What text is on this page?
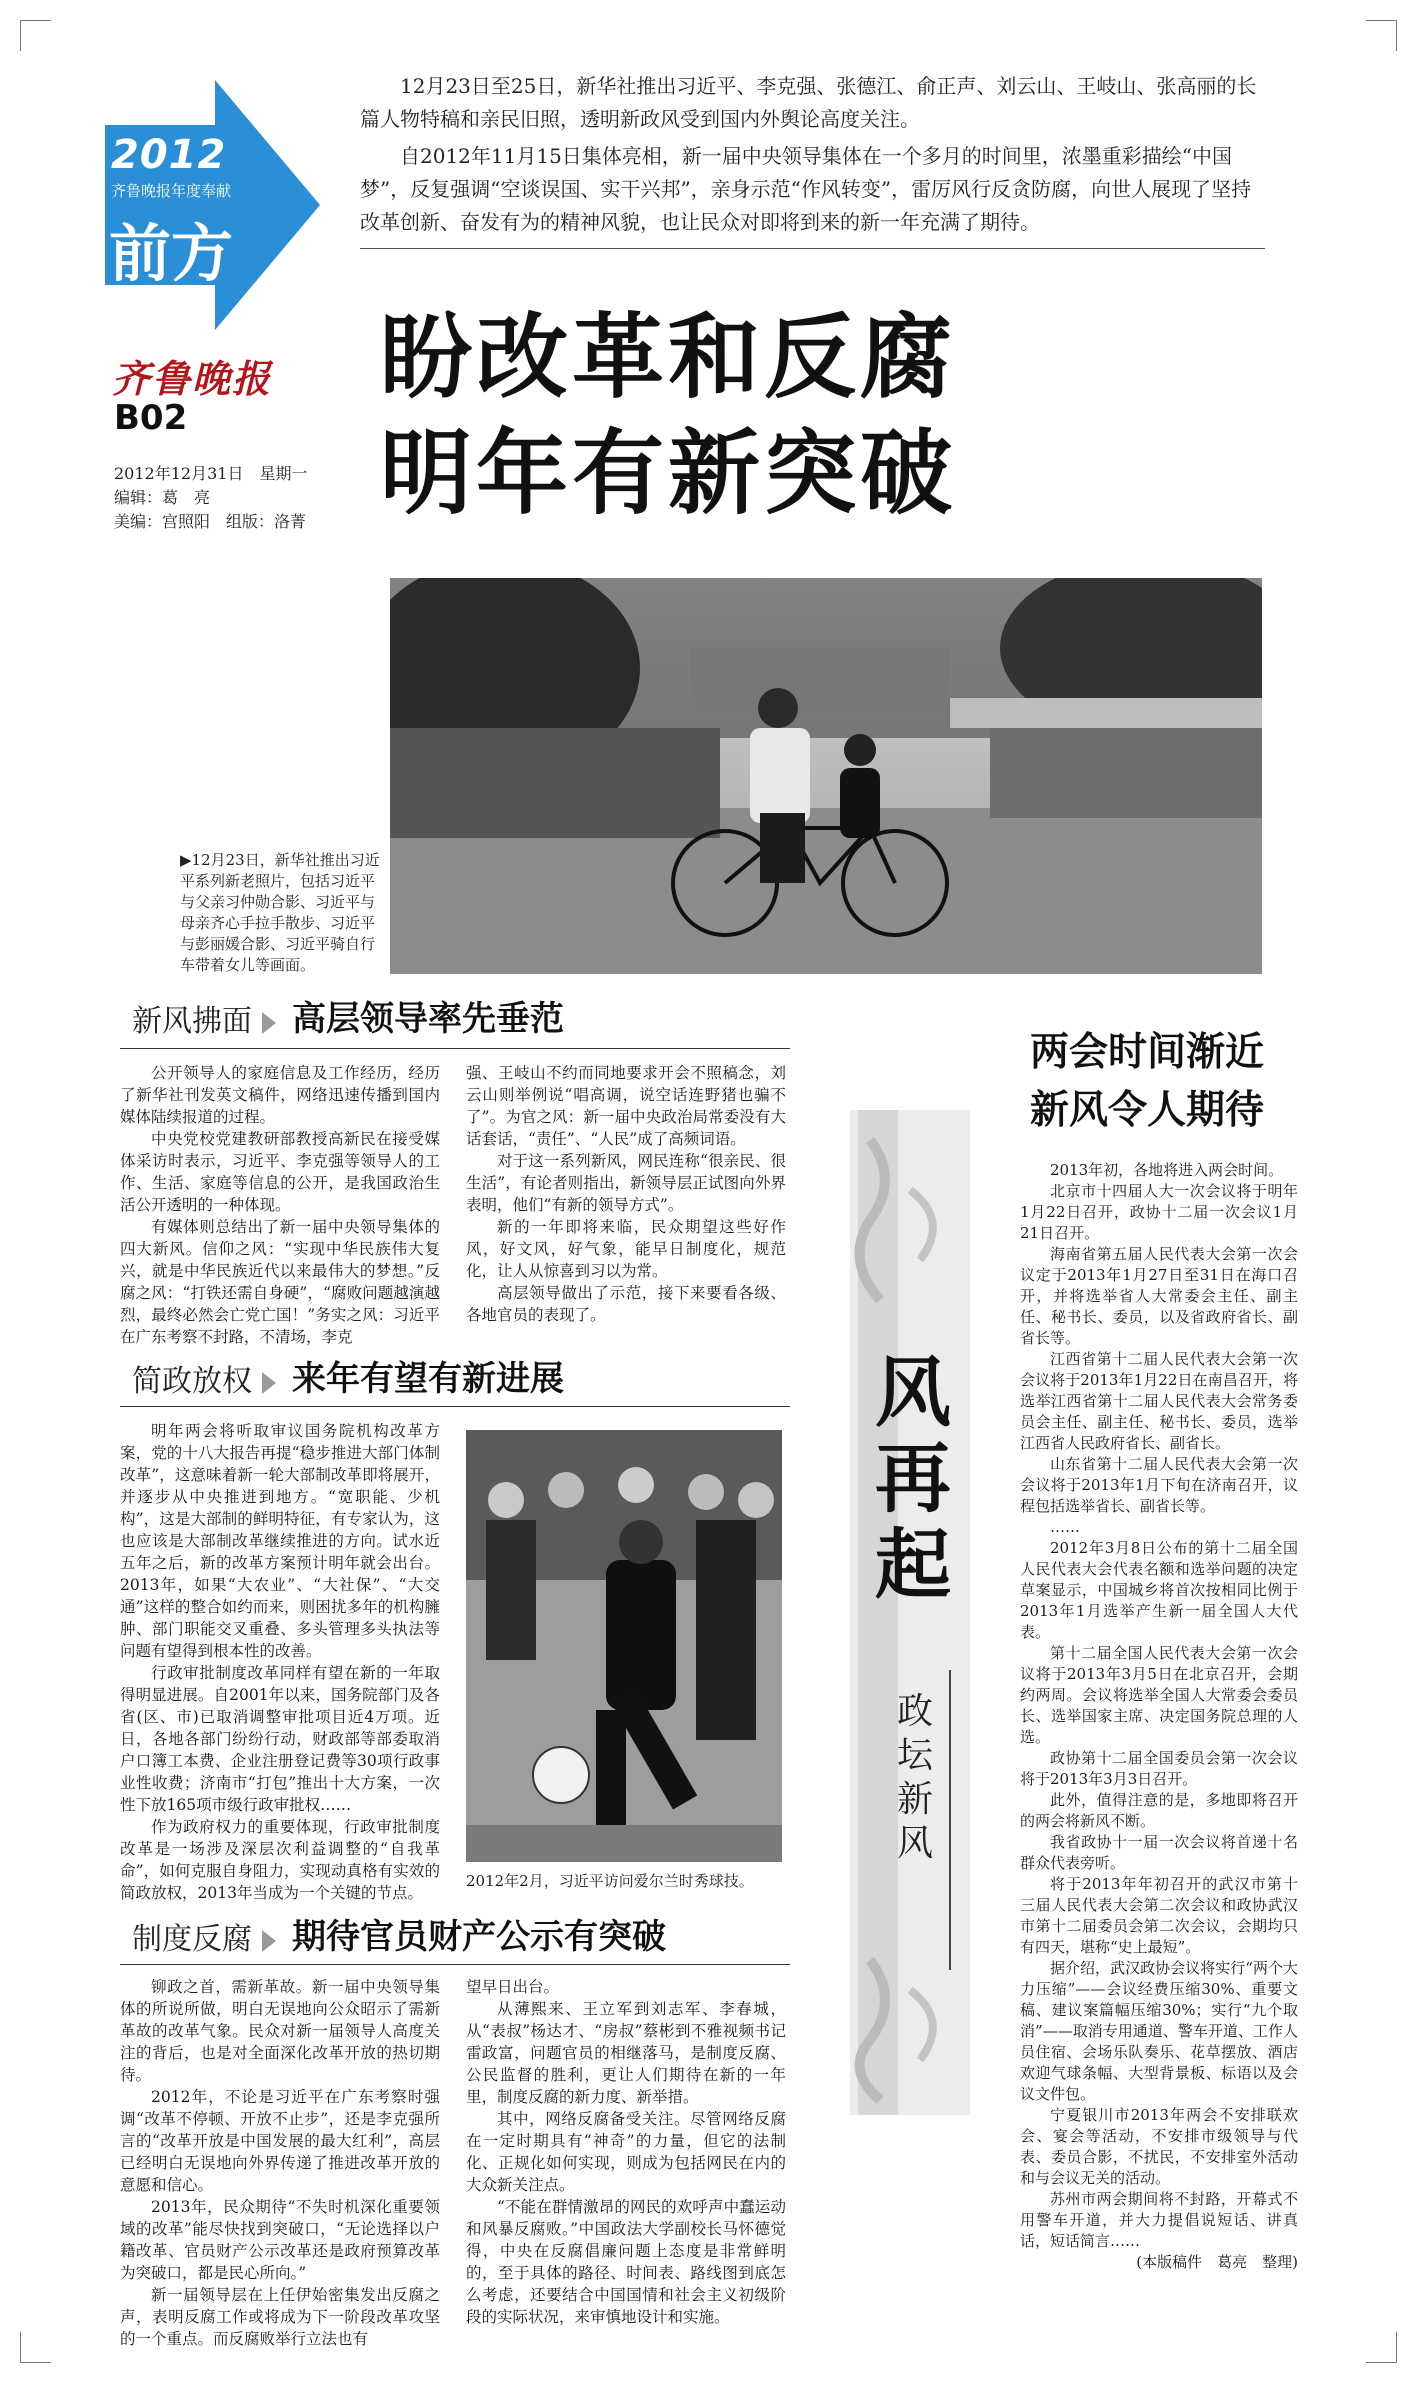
2012
齐鲁晚报年度奉献
前方

12月23日至25日，新华社推出习近平、李克强、张德江、俞正声、刘云山、王岐山、张高丽的长篇人物特稿和亲民旧照，透明新政风受到国内外舆论高度关注。

自2012年11月15日集体亮相，新一届中央领导集体在一个多月的时间里，浓墨重彩描绘“中国梦”，反复强调“空谈误国、实干兴邦”，亲身示范“作风转变”，雷厉风行反贪防腐，向世人展现了坚持改革创新、奋发有为的精神风貌，也让民众对即将到来的新一年充满了期待。

齐鲁晚报
B02
2012年12月31日　星期一
编辑：葛　亮
美编：宫照阳　组版：洛菁
盼改革和反腐
明年有新突破
▶12月23日，新华社推出习近平系列新老照片，包括习近平与父亲习仲勋合影、习近平与母亲齐心手拉手散步、习近平与彭丽媛合影、习近平骑自行车带着女儿等画面。
新风拂面 高层领导率先垂范

公开领导人的家庭信息及工作经历，经历了新华社刊发英文稿件，网络迅速传播到国内媒体陆续报道的过程。

中央党校党建教研部教授高新民在接受媒体采访时表示，习近平、李克强等领导人的工作、生活、家庭等信息的公开，是我国政治生活公开透明的一种体现。

有媒体则总结出了新一届中央领导集体的四大新风。信仰之风：“实现中华民族伟大复兴，就是中华民族近代以来最伟大的梦想。”反腐之风：“打铁还需自身硬”，“腐败问题越演越烈，最终必然会亡党亡国！”务实之风：习近平在广东考察不封路，不清场，李克

强、王岐山不约而同地要求开会不照稿念，刘云山则举例说“唱高调，说空话连野猪也骗不了”。为官之风：新一届中央政治局常委没有大话套话，“责任”、“人民”成了高频词语。

对于这一系列新风，网民连称“很亲民、很生活”，有论者则指出，新领导层正试图向外界表明，他们“有新的领导方式”。

新的一年即将来临，民众期望这些好作风，好文风，好气象，能早日制度化，规范化，让人从惊喜到习以为常。

高层领导做出了示范，接下来要看各级、各地官员的表现了。

简政放权 来年有望有新进展

明年两会将听取审议国务院机构改革方案，党的十八大报告再提“稳步推进大部门体制改革”，这意味着新一轮大部制改革即将展开，并逐步从中央推进到地方。“宽职能、少机构”，这是大部制的鲜明特征，有专家认为，这也应该是大部制改革继续推进的方向。试水近五年之后，新的改革方案预计明年就会出台。2013年，如果“大农业”、“大社保”、“大交通”这样的整合如约而来，则困扰多年的机构臃肿、部门职能交叉重叠、多头管理多头执法等问题有望得到根本性的改善。

行政审批制度改革同样有望在新的一年取得明显进展。自2001年以来，国务院部门及各省(区、市)已取消调整审批项目近4万项。近日，各地各部门纷纷行动，财政部等部委取消户口簿工本费、企业注册登记费等30项行政事业性收费；济南市“打包”推出十大方案，一次性下放165项市级行政审批权……

作为政府权力的重要体现，行政审批制度改革是一场涉及深层次利益调整的“自我革命”，如何克服自身阻力，实现动真格有实效的简政放权，2013年当成为一个关键的节点。

2012年2月，习近平访问爱尔兰时秀球技。
制度反腐 期待官员财产公示有突破

铆政之首，需新革故。新一届中央领导集体的所说所做，明白无误地向公众昭示了需新革故的改革气象。民众对新一届领导人高度关注的背后，也是对全面深化改革开放的热切期待。

2012年，不论是习近平在广东考察时强调“改革不停顿、开放不止步”，还是李克强所言的“改革开放是中国发展的最大红利”，高层已经明白无误地向外界传递了推进改革开放的意愿和信心。

2013年，民众期待“不失时机深化重要领域的改革”能尽快找到突破口，“无论选择以户籍改革、官员财产公示改革还是政府预算改革为突破口，都是民心所向。”

新一届领导层在上任伊始密集发出反腐之声，表明反腐工作或将成为下一阶段改革攻坚的一个重点。而反腐败举行立法也有

望早日出台。

从薄熙来、王立军到刘志军、李春城，从“表叔”杨达才、“房叔”蔡彬到不雅视频书记雷政富，问题官员的相继落马，是制度反腐、公民监督的胜利，更让人们期待在新的一年里，制度反腐的新力度、新举措。

其中，网络反腐备受关注。尽管网络反腐在一定时期具有“神奇”的力量，但它的法制化、正规化如何实现，则成为包括网民在内的大众新关注点。

“不能在群情激昂的网民的欢呼声中蠢运动和风暴反腐败。”中国政法大学副校长马怀德觉得，中央在反腐倡廉问题上态度是非常鲜明的，至于具体的路径、时间表、路线图到底怎么考虑，还要结合中国国情和社会主义初级阶段的实际状况，来审慎地设计和实施。

风再起
政坛新风
两会时间渐近
新风令人期待

2013年初，各地将进入两会时间。

北京市十四届人大一次会议将于明年1月22日召开，政协十二届一次会议1月21日召开。

海南省第五届人民代表大会第一次会议定于2013年1月27日至31日在海口召开，并将选举省人大常委会主任、副主任、秘书长、委员，以及省政府省长、副省长等。

江西省第十二届人民代表大会第一次会议将于2013年1月22日在南昌召开，将选举江西省第十二届人民代表大会常务委员会主任、副主任、秘书长、委员，选举江西省人民政府省长、副省长。

山东省第十二届人民代表大会第一次会议将于2013年1月下旬在济南召开，议程包括选举省长、副省长等。

……

2012年3月8日公布的第十二届全国人民代表大会代表名额和选举问题的决定草案显示，中国城乡将首次按相同比例于2013年1月选举产生新一届全国人大代表。

第十二届全国人民代表大会第一次会议将于2013年3月5日在北京召开，会期约两周。会议将选举全国人大常委会委员长、选举国家主席、决定国务院总理的人选。

政协第十二届全国委员会第一次会议将于2013年3月3日召开。

此外，值得注意的是，多地即将召开的两会将新风不断。

我省政协十一届一次会议将首递十名群众代表旁听。

将于2013年年初召开的武汉市第十三届人民代表大会第二次会议和政协武汉市第十二届委员会第二次会议，会期均只有四天，堪称“史上最短”。

据介绍，武汉政协会议将实行“两个大力压缩”——会议经费压缩30%、重要文稿、建议案篇幅压缩30%；实行“九个取消”——取消专用通道、警车开道、工作人员住宿、会场乐队奏乐、花草摆放、酒店欢迎气球条幅、大型背景板、标语以及会议文件包。

宁夏银川市2013年两会不安排联欢会、宴会等活动，不安排市级领导与代表、委员合影，不扰民，不安排室外活动和与会议无关的活动。

苏州市两会期间将不封路，开幕式不用警车开道，并大力提倡说短话、讲真话，短话简言……

(本版稿件　葛亮　整理)
